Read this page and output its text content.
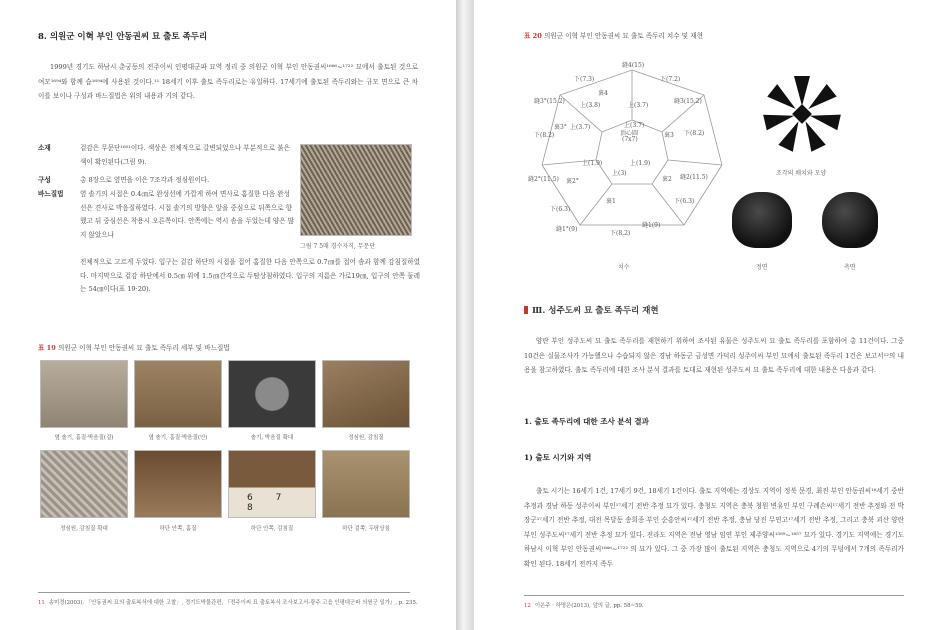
8. 의원군 이혁 부인 안동권씨 묘 출토 족두리
1999년 경기도 하남시 춘궁동의 전주이씨 인평대군파 묘역 정리 중 의원군 이혁 부인 안동권씨¹⁶⁶⁶~¹⁷²² 묘에서 출토된 것으로 여모¹⁶⁹⁴와 함께 습¹⁶⁹⁴에 사용된 것이다.¹¹ 18세기 이후 출토 족두리로는 유일하다. 17세기에 출토된 족두리와는 규모 면으로 큰 차이를 보이나 구성과 바느질법은 위의 내용과 거의 같다.
소재	겉감은 무문단¹⁶⁰¹이다. 색상은 전체적으로 갈변되었으나 부분적으로 붉은색이 확인된다(그림 9).
구성	총 8장으로 옆면을 이은 7조각과 정심원이다.
바느질법	옆 솔기의 시접은 0.4㎝로 완성선에 가깝게 하여 면사로 홈질한 다음 완성선은 견사로 박음질하였다. 시접 솔기의 방향은 앞을 중심으로 뒤쪽으로 향했고 뒤 중심선은 착용시 오른쪽이다. 안쪽에는 역시 솜을 두었는데 양은 많지 않았으나
전체적으로 고르게 두었다. 입구는 겉감 하단의 시접을 접어 홈질한 다음 안쪽으로 0.7㎝를 접어 솜과 함께 감침질하였다. 마지막으로 겉감 하단에서 0.5㎝ 위에 1.5㎝간격으로 두땀상침하였다. 입구의 지름은 가로19㎝, 입구의 안쪽 둘레는 54㎝이다(표 19·20).
그림 7 5매 경수자직, 무문단
표 19 의원군 이혁 부인 안동권씨 묘 출토 족두리 세부 및 바느질법
옆 솔기, 홈질·박음질(겉)	옆 솔기, 홈질·박음질(안)	솔기, 박음질 확대	정심원, 감침질
6 7 8
정심원, 감침질 확대	하단 안쪽, 홈질	하단 안쪽, 감침질	하단 겉쪽, 두땀상침
11 송미경(2003). 「안동권씨 묘의 출토복식에 대한 고찰」, 경기도박물관편, 『전주이씨 묘 출토복식 조사보고서-광주 고읍 인평대군파 의원군 일가』, p. 235.
표 20 의원군 이혁 부인 안동권씨 묘 출토 족두리 치수 및 재현
縫4(15)
下(7.3)	下(7.2)
縫3°(15.2)	縫3(15.2)
上(3.8)	上(3.7)
裏4
裏3°
下(8.2)	裏3 下(8.2)
上(3.7)	上(3.7)
頂心圓
(7x7)
上(1.9)	上(1.9)
上(3)
裏2°	裏2
縫2°(11.5)	縫2(11.5)
下(6.3)
下(6.3)
裏1
縫1°(9)
下(8.2)
縫1(9)
치수
조각의 배치와 모양
정면	측면
Ⅲ. 성주도씨 묘 출토 족두리 재현
양란 부인 성주도씨 묘 출토 족두리를 재현하기 위하여 조사된 유물은 성주도씨 묘 출토 족두리를 포함하여 총 11건이다. 그중 10건은 실물조사가 가능했으나 수습되지 않은 경남 하동군 금성면 가덕리 성주이씨 부인 묘에서 출토된 족두리 1건은 보고서¹²의 내용을 참고하였다. 출토 족두리에 대한 조사 분석 결과를 토대로 재현된 성주도씨 묘 출토 족두리에 대한 내용은 다음과 같다.
1. 출토 족두리에 대한 조사 분석 결과
1) 출토 시기와 지역
출토 시기는 16세기 1건, 17세기 9건, 18세기 1건이다. 출토 지역에는 경상도 지역이 정북 문경, 최진 부인 안동권씨¹⁶세기 중반 추정과 경남 하동 성주이씨 부인¹⁷세기 전반 추정 묘가 있다. 충청도 지역은 충북 청원 변유인 부인 구례손씨¹⁷세기 전반 추정와 전 박장군¹⁷세기 전반 추정, 대전 목달동 송희종 부인 순흥안씨¹⁷세기 전반 추정, 충남 당진 무연고¹⁷세기 전반 추정, 그리고 충북 괴산 양란 부인 성주도씨¹⁷세기 전반 추정 묘가 있다. 전라도 지역은 전남 영남 임연 부인 제주양씨¹⁵⁸⁹~¹⁶⁵⁷ 묘가 있다. 경기도 지역에는 경기도 하남시 이혁 부인 안동권씨¹⁶⁶⁶~¹⁷²² 의 묘가 있다. 그 중 가장 많이 출토된 지역은 충청도 지역으로 4기의 무덤에서 7개의 족두리가 확인 된다. 18세기 전까지 족두
12 이은주 · 하명은(2013), 앞의 글, pp. 58~59.
